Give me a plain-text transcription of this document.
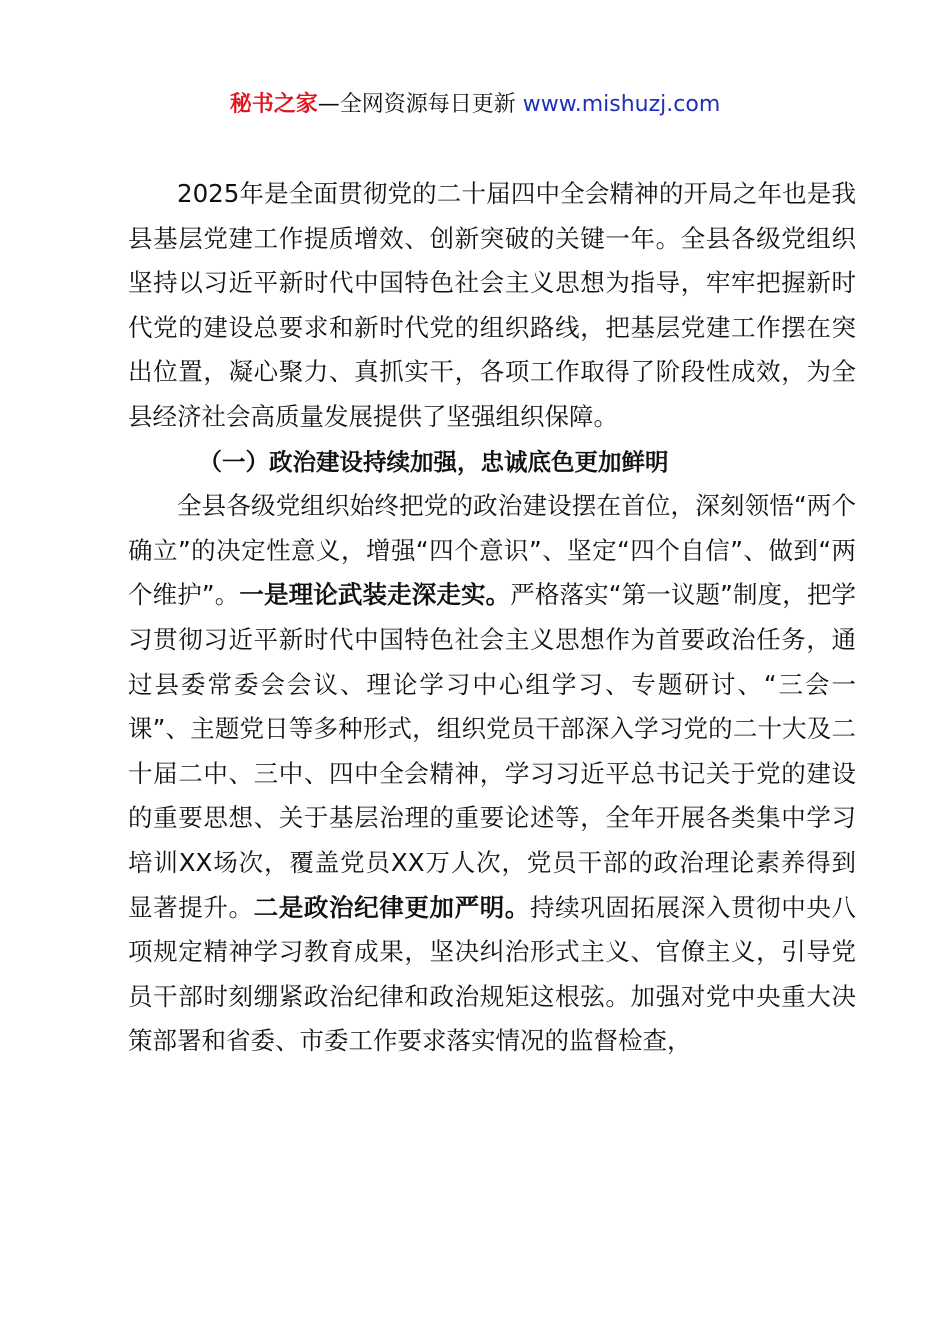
秘书之家—全网资源每日更新 www.mishuzj.com

2025年是全面贯彻党的二十届四中全会精神的开局之年也是我县基层党建工作提质增效、创新突破的关键一年。全县各级党组织坚持以习近平新时代中国特色社会主义思想为指导，牢牢把握新时代党的建设总要求和新时代党的组织路线，把基层党建工作摆在突出位置，凝心聚力、真抓实干，各项工作取得了阶段性成效，为全县经济社会高质量发展提供了坚强组织保障。

（一）政治建设持续加强，忠诚底色更加鲜明

全县各级党组织始终把党的政治建设摆在首位，深刻领悟“两个确立”的决定性意义，增强“四个意识”、坚定“四个自信”、做到“两个维护”。一是理论武装走深走实。严格落实“第一议题”制度，把学习贯彻习近平新时代中国特色社会主义思想作为首要政治任务，通过县委常委会会议、理论学习中心组学习、专题研讨、“三会一课”、主题党日等多种形式，组织党员干部深入学习党的二十大及二十届二中、三中、四中全会精神，学习习近平总书记关于党的建设的重要思想、关于基层治理的重要论述等，全年开展各类集中学习培训XX场次，覆盖党员XX万人次，党员干部的政治理论素养得到显著提升。二是政治纪律更加严明。持续巩固拓展深入贯彻中央八项规定精神学习教育成果，坚决纠治形式主义、官僚主义，引导党员干部时刻绷紧政治纪律和政治规矩这根弦。加强对党中央重大决策部署和省委、市委工作要求落实情况的监督检查，
